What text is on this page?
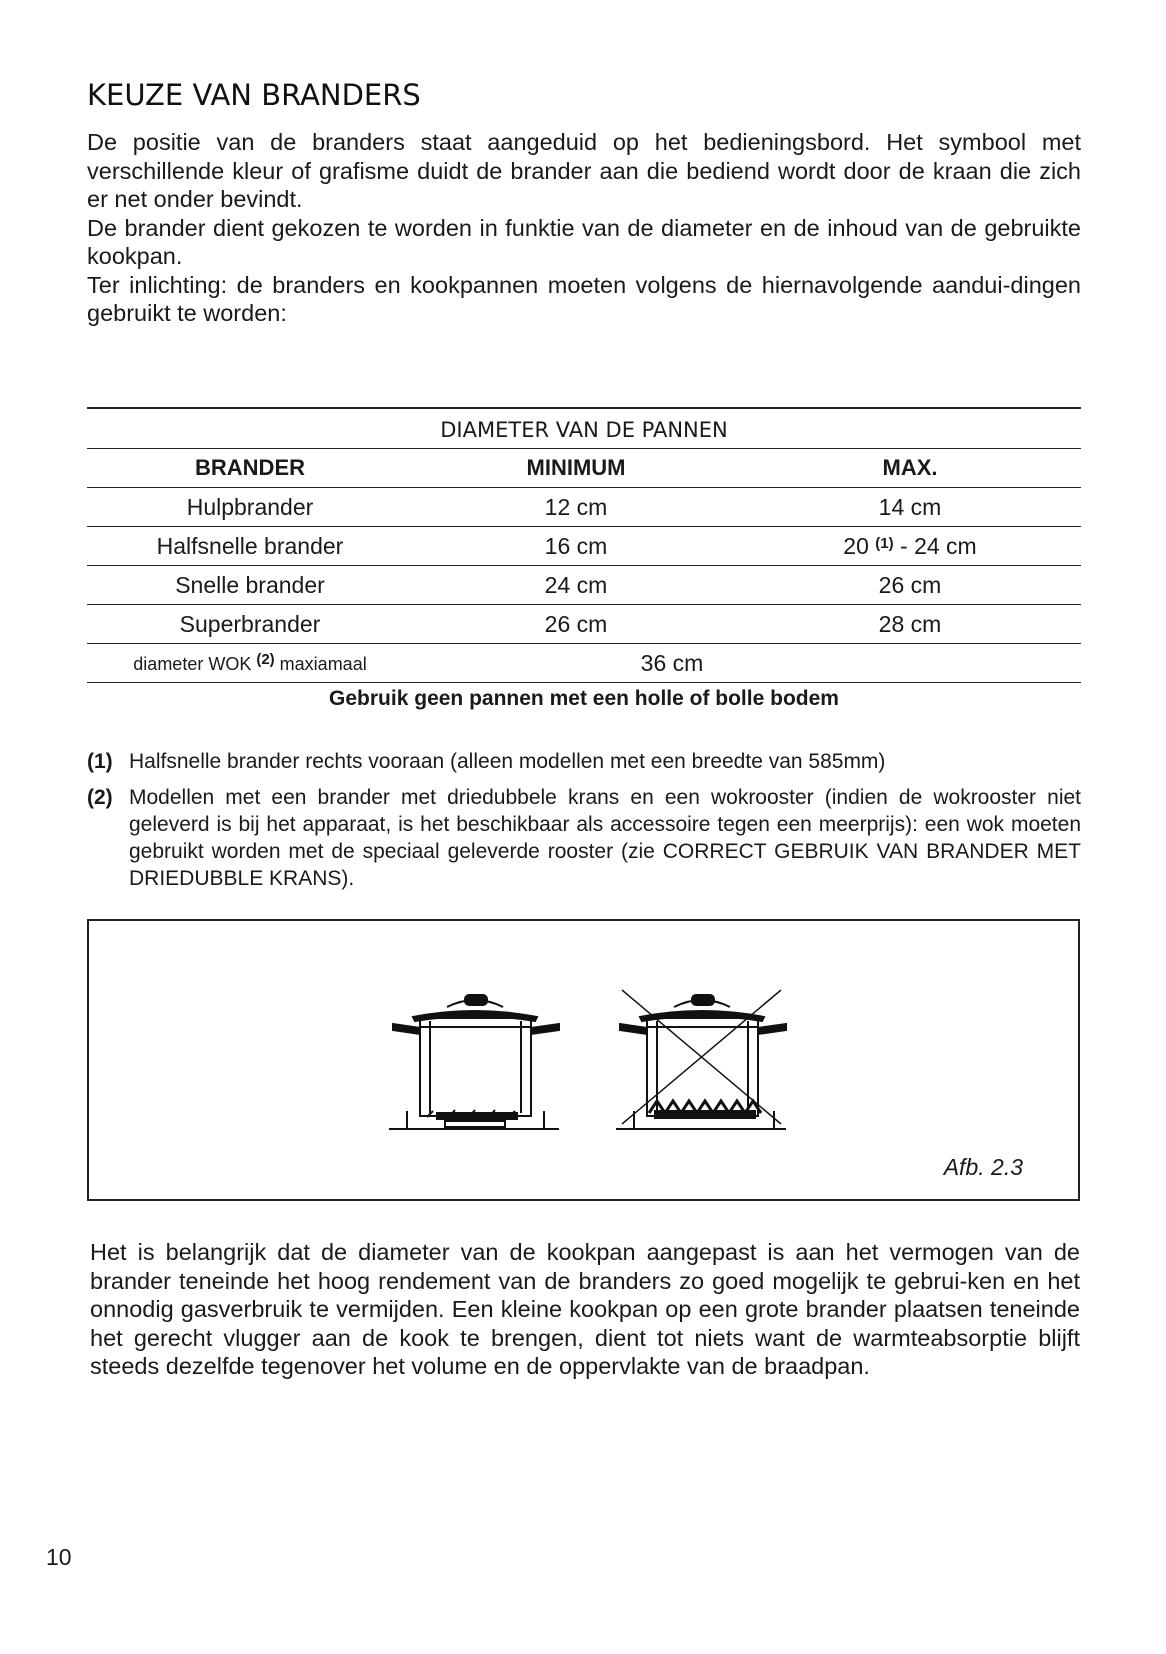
KEUZE VAN BRANDERS

De positie van de branders staat aangeduid op het bedieningsbord. Het symbool met verschillende kleur of grafisme duidt de brander aan die bediend wordt door de kraan die zich er net onder bevindt.

De brander dient gekozen te worden in funktie van de diameter en de inhoud van de gebruikte kookpan.

Ter inlichting: de branders en kookpannen moeten volgens de hiernavolgende aandui-dingen gebruikt te worden:

DIAMETER VAN DE PANNEN		
BRANDER	MINIMUM	MAX.
Hulpbrander	12 cm	14 cm
Halfsnelle brander	16 cm	20 $^{(1)}$ - 24 cm
Snelle brander	24 cm	26 cm
Superbrander	26 cm	28 cm
diameter WOK $^{(2)}$ maxiamaal	36 cm	
Gebruik geen pannen met een holle of bolle bodem
(1) Halfsnelle brander rechts vooraan (alleen modellen met een breedte van 585mm)
(2) Modellen met een brander met driedubbele krans en een wokrooster (indien de wokrooster niet geleverd is bij het apparaat, is het beschikbaar als accessoire tegen een meerprijs): een wok moeten gebruikt worden met de speciaal geleverde rooster (zie CORRECT GEBRUIK VAN BRANDER MET DRIEDUBBLE KRANS).
Afb. 2.3

Het is belangrijk dat de diameter van de kookpan aangepast is aan het vermogen van de brander teneinde het hoog rendement van de branders zo goed mogelijk te gebrui-ken en het onnodig gasverbruik te vermijden. Een kleine kookpan op een grote brander plaatsen teneinde het gerecht vlugger aan de kook te brengen, dient tot niets want de warmteabsorptie blijft steeds dezelfde tegenover het volume en de oppervlakte van de braadpan.

10
